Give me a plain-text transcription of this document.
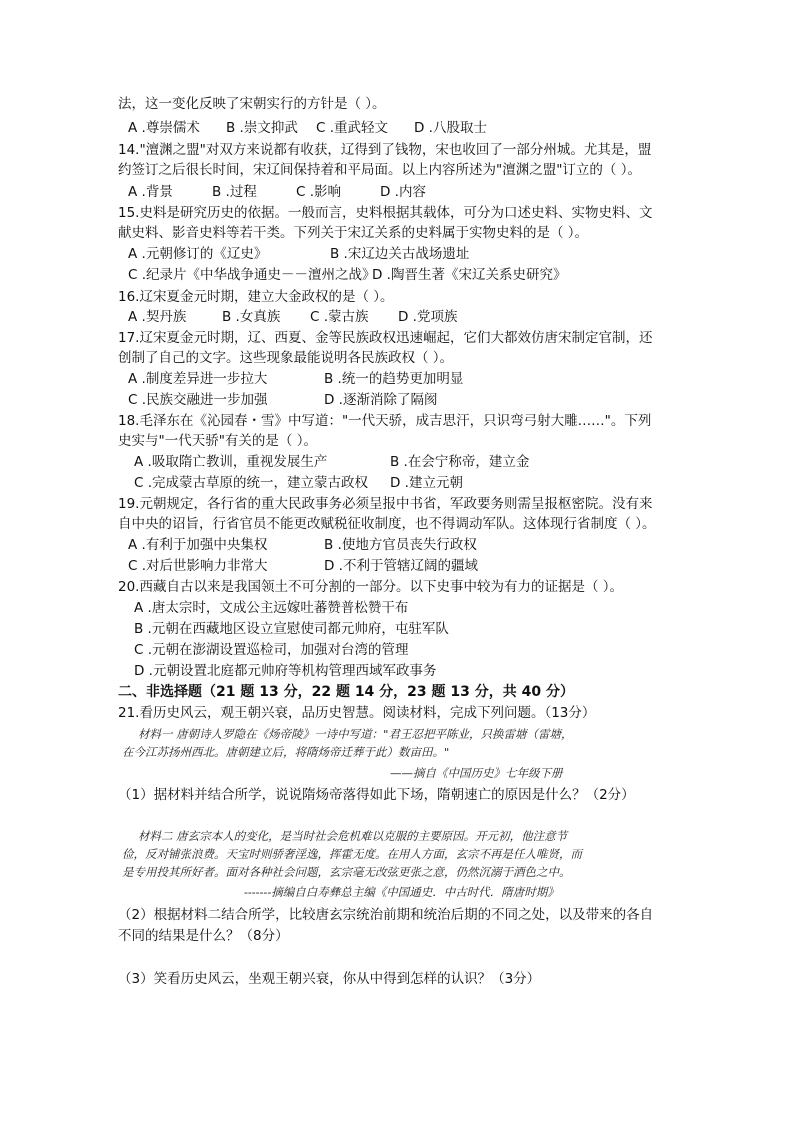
法，这一变化反映了宋朝实行的方针是（ ）。
A .尊崇儒术 B .崇文抑武 C .重武轻文 D .八股取士
14."澶渊之盟"对双方来说都有收获，辽得到了钱物，宋也收回了一部分州城。尤其是，盟
约签订之后很长时间，宋辽间保持着和平局面。以上内容所述为"澶渊之盟"订立的（ ）。
A .背景	B .过程	C .影响	D .内容
15.史料是研究历史的依据。一般而言，史料根据其载体，可分为口述史料、实物史料、文
献史料、影音史料等若干类。下列关于宋辽关系的史料属于实物史料的是（ ）。
A .元朝修订的《辽史》	B .宋辽边关古战场遗址
C .纪录片《中华战争通史－－澶州之战》D .陶晋生著《宋辽关系史研究》
16.辽宋夏金元时期，建立大金政权的是（ ）。
A .契丹族	B .女真族 C .蒙古族 D .党项族
17.辽宋夏金元时期，辽、西夏、金等民族政权迅速崛起，它们大都效仿唐宋制定官制，还
创制了自己的文字。这些现象最能说明各民族政权（ ）。
A .制度差异进一步拉大	B .统一的趋势更加明显
C .民族交融进一步加强	D .逐渐消除了隔阂
18.毛泽东在《沁园春・雪》中写道："一代天骄，成吉思汗，只识弯弓射大雕……"。下列
史实与"一代天骄"有关的是（ ）。
A .吸取隋亡教训，重视发展生产	B .在会宁称帝，建立金
C .完成蒙古草原的统一，建立蒙古政权 D .建立元朝
19.元朝规定，各行省的重大民政事务必须呈报中书省，军政要务则需呈报枢密院。没有来
自中央的诏旨，行省官员不能更改赋税征收制度，也不得调动军队。这体现行省制度（ ）。
A .有利于加强中央集权	B .使地方官员丧失行政权
C .对后世影响力非常大	D .不利于管辖辽阔的疆域
20.西藏自古以来是我国领土不可分割的一部分。以下史事中较为有力的证据是（ ）。
A .唐太宗时，文成公主远嫁吐蕃赞普松赞干布
B .元朝在西藏地区设立宣慰使司都元帅府，屯驻军队
C .元朝在澎湖设置巡检司，加强对台湾的管理
D .元朝设置北庭都元帅府等机构管理西域军政事务
二、非选择题（21 题 13 分，22 题 14 分，23 题 13 分，共 40 分）
21.看历史风云，观王朝兴衰，品历史智慧。阅读材料，完成下列问题。（13分）
材料一 唐朝诗人罗隐在《炀帝陵》一诗中写道："君王忍把平陈业，只换雷塘（雷塘，
在今江苏扬州西北。唐朝建立后，将隋炀帝迁葬于此）数亩田。"
——摘自《中国历史》七年级下册
（1）据材料并结合所学，说说隋炀帝落得如此下场，隋朝速亡的原因是什么？（2分）
材料二 唐玄宗本人的变化，是当时社会危机难以克服的主要原因。开元初，他注意节
俭，反对铺张浪费。天宝时则骄奢淫逸，挥霍无度。在用人方面，玄宗不再是任人唯贤，而
是专用投其所好者。面对各种社会问题，玄宗毫无改弦更张之意，仍然沉溺于酒色之中。
-------摘编自白寿彝总主编《中国通史．中古时代．隋唐时期》
（2）根据材料二结合所学，比较唐玄宗统治前期和统治后期的不同之处，以及带来的各自
不同的结果是什么？（8分）
（3）笑看历史风云，坐观王朝兴衰，你从中得到怎样的认识？（3分）
